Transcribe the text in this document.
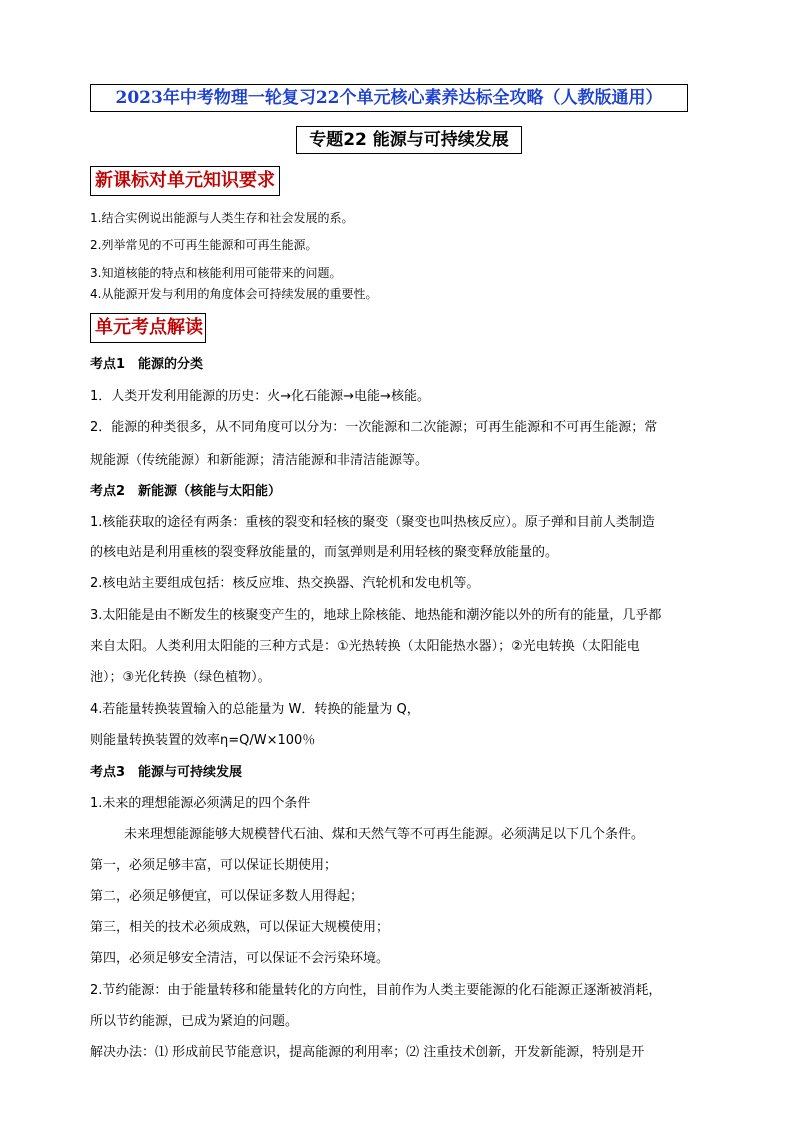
2023年中考物理一轮复习22个单元核心素养达标全攻略（人教版通用）
专题22 能源与可持续发展
新课标对单元知识要求
1.结合实例说出能源与人类生存和社会发展的系。
2.列举常见的不可再生能源和可再生能源。
3.知道核能的特点和核能利用可能带来的问题。
4.从能源开发与利用的角度体会可持续发展的重要性。
单元考点解读
考点1　能源的分类
1．人类开发利用能源的历史：火→化石能源→电能→核能。
2．能源的种类很多，从不同角度可以分为：一次能源和二次能源；可再生能源和不可再生能源；常
规能源（传统能源）和新能源；清洁能源和非清洁能源等。
考点2　新能源（核能与太阳能）
1.核能获取的途径有两条：重核的裂变和轻核的聚变（聚变也叫热核反应）。原子弹和目前人类制造
的核电站是利用重核的裂变释放能量的，而氢弹则是利用轻核的聚变释放能量的。
2.核电站主要组成包括：核反应堆、热交换器、汽轮机和发电机等。
3.太阳能是由不断发生的核聚变产生的，地球上除核能、地热能和潮汐能以外的所有的能量，几乎都
来自太阳。人类利用太阳能的三种方式是：①光热转换（太阳能热水器）；②光电转换（太阳能电
池）；③光化转换（绿色植物）。
4.若能量转换装置输入的总能量为 W．转换的能量为 Q，
则能量转换装置的效率η=Q/W×100％
考点3　能源与可持续发展
1.未来的理想能源必须满足的四个条件
未来理想能源能够大规模替代石油、煤和天然气等不可再生能源。必须满足以下几个条件。
第一，必须足够丰富，可以保证长期使用；
第二，必须足够便宜，可以保证多数人用得起；
第三，相关的技术必须成熟，可以保证大规模使用；
第四，必须足够安全清洁，可以保证不会污染环境。
2.节约能源：由于能量转移和能量转化的方向性，目前作为人类主要能源的化石能源正逐渐被消耗，
所以节约能源，已成为紧迫的问题。
解决办法：⑴ 形成前民节能意识，提高能源的利用率；⑵ 注重技术创新，开发新能源，特别是开
